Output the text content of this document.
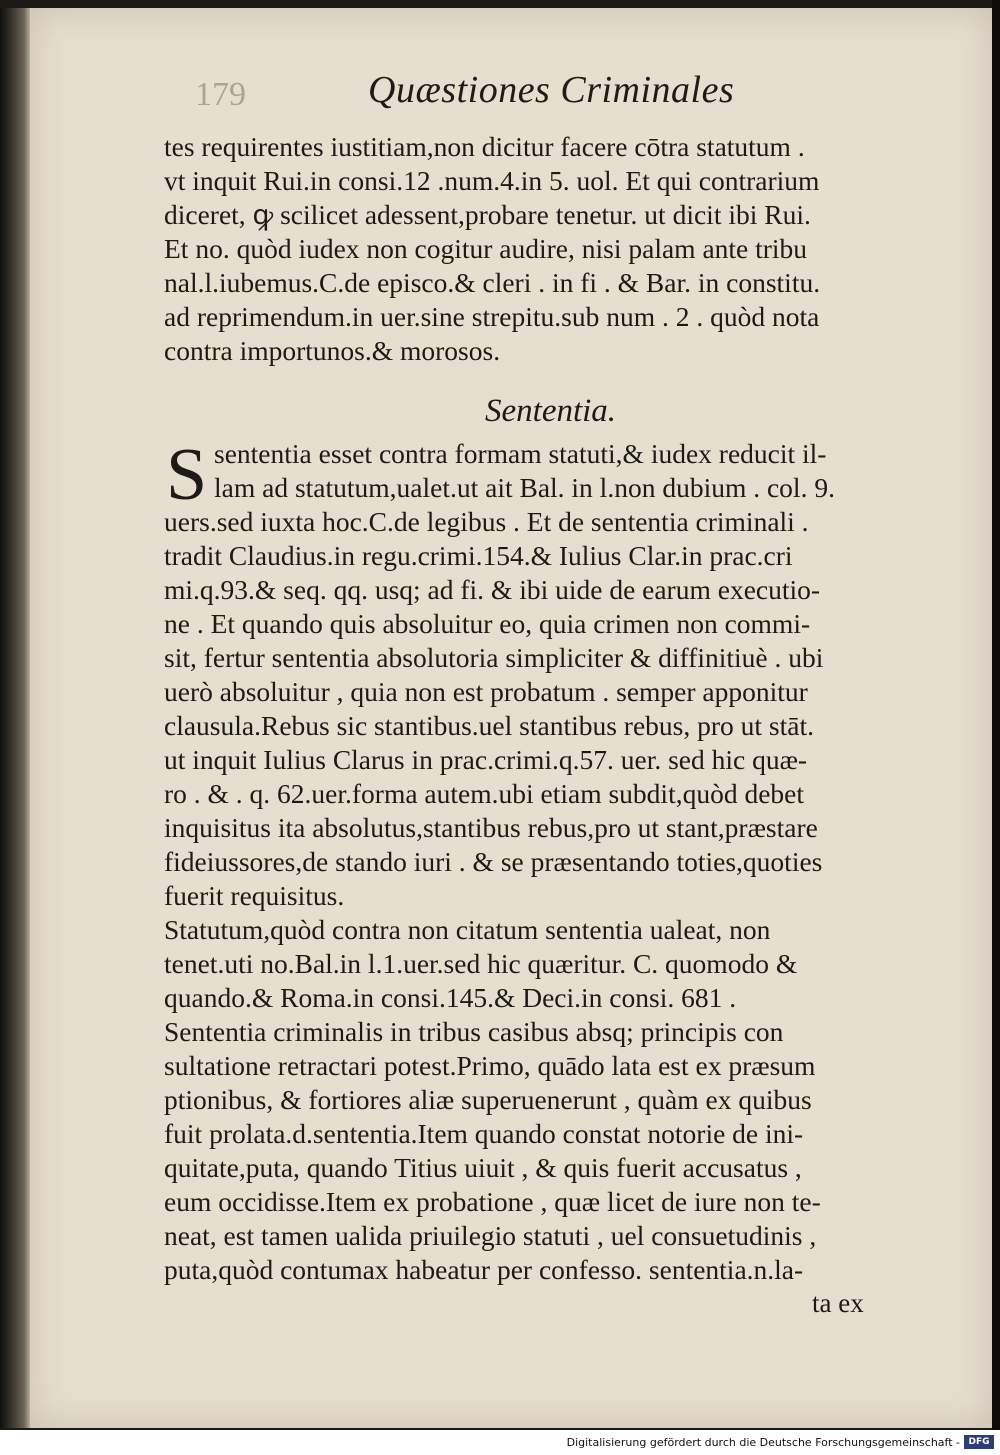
179	Quæstiones Criminales
tes requirentes iustitiam,non dicitur facere cōtra statutum .
vt inquit Rui.in consi.12 .num.4.in 5. uol. Et qui contrarium
diceret, ꝙ scilicet adessent,probare tenetur. ut dicit ibi Rui.
Et no. quòd iudex non cogitur audire, nisi palam ante tribu
nal.l.iubemus.C.de episco.& cleri . in fi . & Bar. in constitu.
ad reprimendum.in uer.sine strepitu.sub num . 2 . quòd nota
contra importunos.& morosos.
Sententia.
S sententia esset contra formam statuti,& iudex reducit il-
lam ad statutum,ualet.ut ait Bal. in l.non dubium . col. 9.
uers.sed iuxta hoc.C.de legibus . Et de sententia criminali .
tradit Claudius.in regu.crimi.154.& Iulius Clar.in prac.cri
mi.q.93.& seq. qq. usq; ad fi. & ibi uide de earum executio-
ne . Et quando quis absoluitur eo, quia crimen non commi-
sit, fertur sententia absolutoria simpliciter & diffinitiuè . ubi
uerò absoluitur , quia non est probatum . semper apponitur
clausula.Rebus sic stantibus.uel stantibus rebus, pro ut stāt.
ut inquit Iulius Clarus in prac.crimi.q.57. uer. sed hic quæ-
ro . & . q. 62.uer.forma autem.ubi etiam subdit,quòd debet
inquisitus ita absolutus,stantibus rebus,pro ut stant,præstare
fideiussores,de stando iuri . & se præsentando toties,quoties
fuerit requisitus.
Statutum,quòd contra non citatum sententia ualeat, non
tenet.uti no.Bal.in l.1.uer.sed hic quæritur. C. quomodo &
quando.& Roma.in consi.145.& Deci.in consi. 681 .
Sententia criminalis in tribus casibus absq; principis con
sultatione retractari potest.Primo, quādo lata est ex præsum
ptionibus, & fortiores aliæ superuenerunt , quàm ex quibus
fuit prolata.d.sententia.Item quando constat notorie de ini-
quitate,puta, quando Titius uiuit , & quis fuerit accusatus ,
eum occidisse.Item ex probatione , quæ licet de iure non te-
neat, est tamen ualida priuilegio statuti , uel consuetudinis ,
puta,quòd contumax habeatur per confesso. sententia.n.la-
ta ex
Digitalisierung gefördert durch die Deutsche Forschungsgemeinschaft - DFG
